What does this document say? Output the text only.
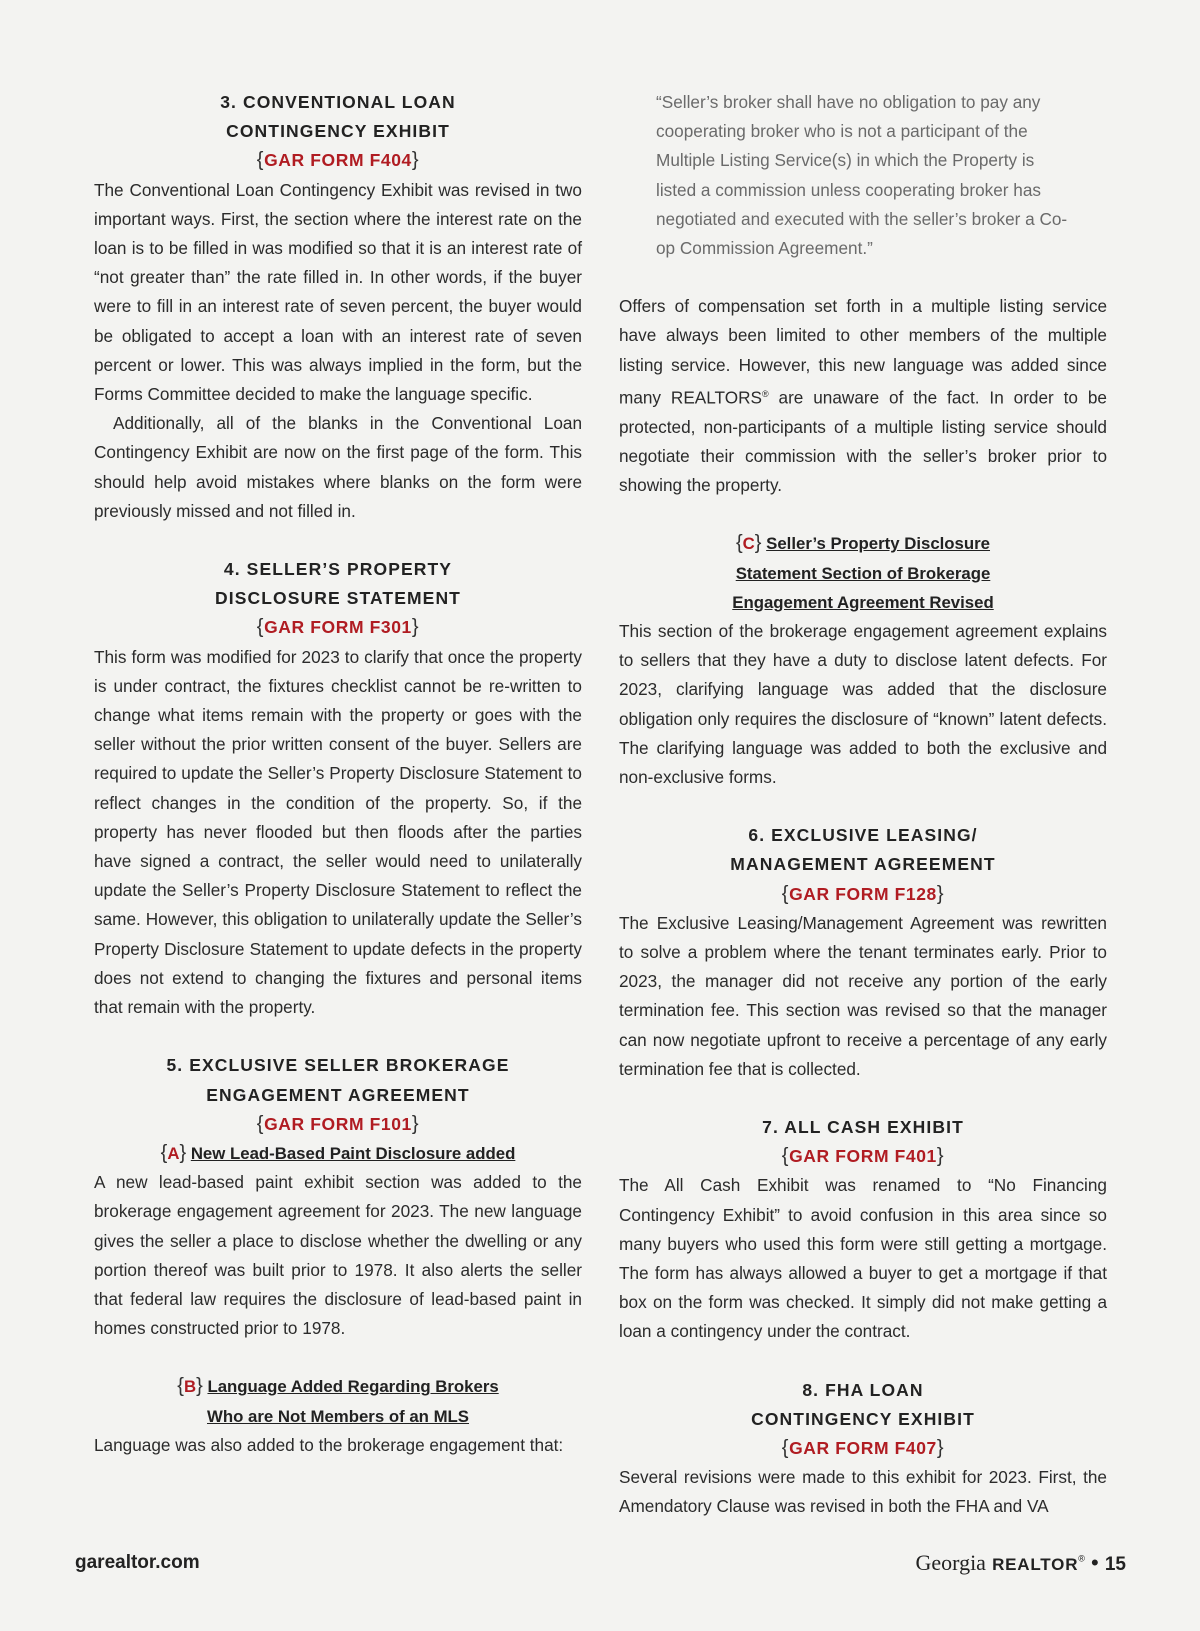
3. CONVENTIONAL LOAN
CONTINGENCY EXHIBIT
{GAR FORM F404}

The Conventional Loan Contingency Exhibit was revised in two important ways. First, the section where the interest rate on the loan is to be filled in was modified so that it is an interest rate of “not greater than” the rate filled in. In other words, if the buyer were to fill in an interest rate of seven percent, the buyer would be obligated to accept a loan with an interest rate of seven percent or lower. This was always implied in the form, but the Forms Committee decided to make the language specific.

Additionally, all of the blanks in the Conventional Loan Contingency Exhibit are now on the first page of the form. This should help avoid mistakes where blanks on the form were previously missed and not filled in.

4. SELLER’S PROPERTY
DISCLOSURE STATEMENT
{GAR FORM F301}

This form was modified for 2023 to clarify that once the property is under contract, the fixtures checklist cannot be re-written to change what items remain with the property or goes with the seller without the prior written consent of the buyer. Sellers are required to update the Seller’s Property Disclosure Statement to reflect changes in the condition of the property. So, if the property has never flooded but then floods after the parties have signed a contract, the seller would need to unilaterally update the Seller’s Property Disclosure Statement to reflect the same. However, this obligation to unilaterally update the Seller’s Property Disclosure Statement to update defects in the property does not extend to changing the fixtures and personal items that remain with the property.

5. EXCLUSIVE SELLER BROKERAGE
ENGAGEMENT AGREEMENT
{GAR FORM F101}
{A} New Lead-Based Paint Disclosure added

A new lead-based paint exhibit section was added to the brokerage engagement agreement for 2023. The new language gives the seller a place to disclose whether the dwelling or any portion thereof was built prior to 1978. It also alerts the seller that federal law requires the disclosure of lead-based paint in homes constructed prior to 1978.

{B} Language Added Regarding Brokers
Who are Not Members of an MLS

Language was also added to the brokerage engagement that:

“Seller’s broker shall have no obligation to pay any cooperating broker who is not a participant of the Multiple Listing Service(s) in which the Property is listed a commission unless cooperating broker has negotiated and executed with the seller’s broker a Co-op Commission Agreement.”

Offers of compensation set forth in a multiple listing service have always been limited to other members of the multiple listing service. However, this new language was added since many REALTORS® are unaware of the fact. In order to be protected, non-participants of a multiple listing service should negotiate their commission with the seller’s broker prior to showing the property.

{C} Seller’s Property Disclosure
Statement Section of Brokerage
Engagement Agreement Revised

This section of the brokerage engagement agreement explains to sellers that they have a duty to disclose latent defects. For 2023, clarifying language was added that the disclosure obligation only requires the disclosure of “known” latent defects. The clarifying language was added to both the exclusive and non-exclusive forms.

6. EXCLUSIVE LEASING/
MANAGEMENT AGREEMENT
{GAR FORM F128}

The Exclusive Leasing/Management Agreement was rewritten to solve a problem where the tenant terminates early. Prior to 2023, the manager did not receive any portion of the early termination fee. This section was revised so that the manager can now negotiate upfront to receive a percentage of any early termination fee that is collected.

7. ALL CASH EXHIBIT
{GAR FORM F401}

The All Cash Exhibit was renamed to “No Financing Contingency Exhibit” to avoid confusion in this area since so many buyers who used this form were still getting a mortgage. The form has always allowed a buyer to get a mortgage if that box on the form was checked. It simply did not make getting a loan a contingency under the contract.

8. FHA LOAN
CONTINGENCY EXHIBIT
{GAR FORM F407}

Several revisions were made to this exhibit for 2023. First, the Amendatory Clause was revised in both the FHA and VA

garealtor.com	Georgia REALTOR® • 15
